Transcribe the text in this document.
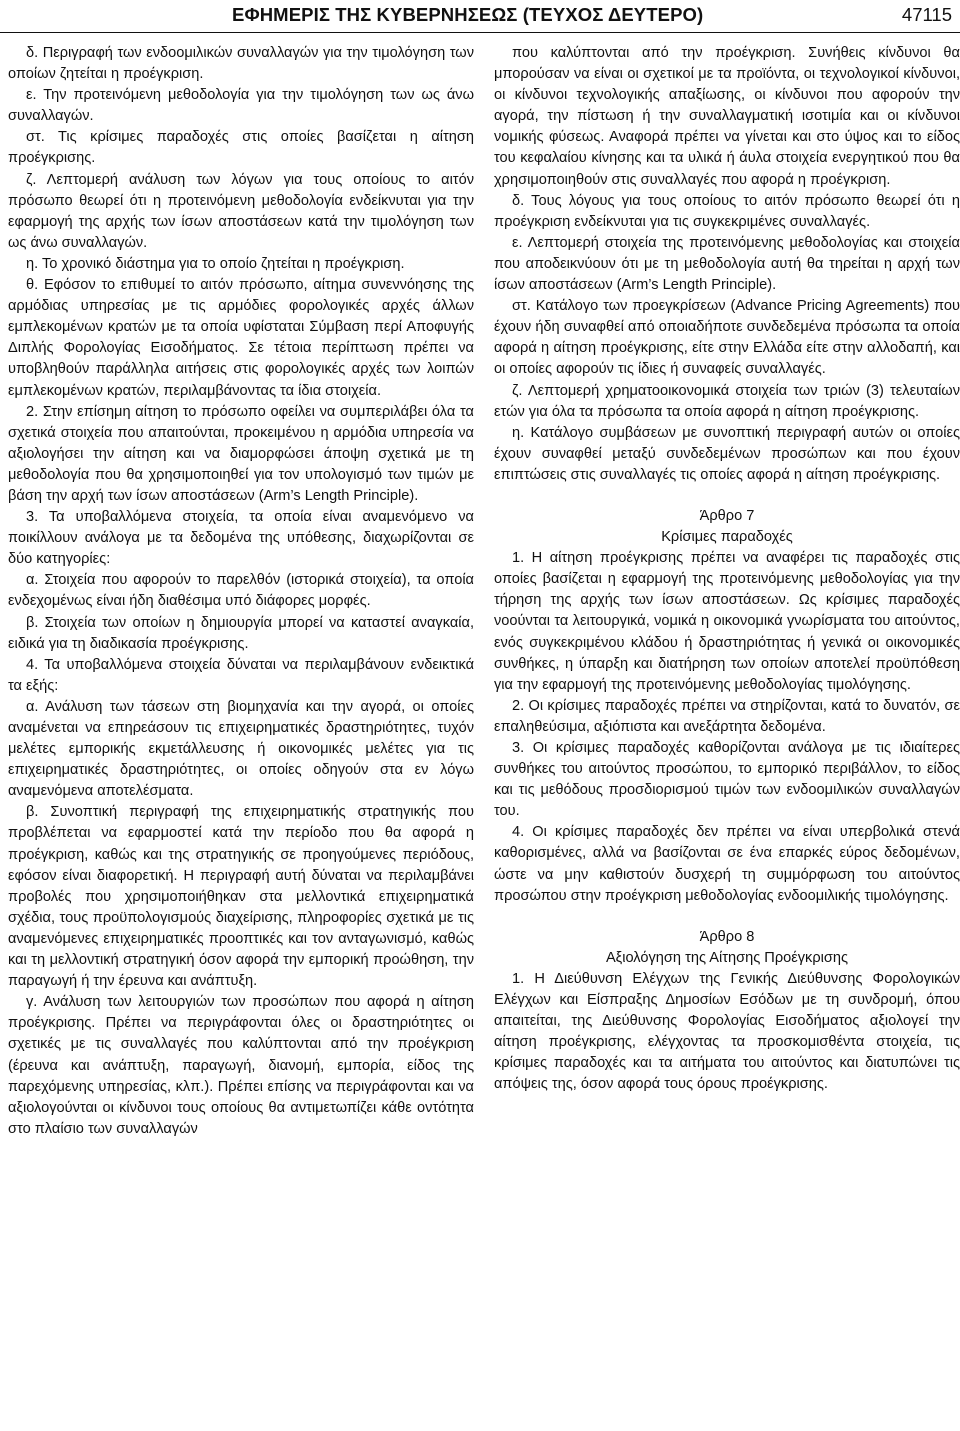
ΕΦΗΜΕΡΙΣ ΤΗΣ ΚΥΒΕΡΝΗΣΕΩΣ (ΤΕΥΧΟΣ ΔΕΥΤΕΡΟ)	47115

δ. Περιγραφή των ενδοομιλικών συναλλαγών για την τιμολόγηση των οποίων ζητείται η προέγκριση.

ε. Την προτεινόμενη μεθοδολογία για την τιμολόγηση των ως άνω συναλλαγών.

στ. Τις κρίσιμες παραδοχές στις οποίες βασίζεται η αίτηση προέγκρισης.

ζ. Λεπτομερή ανάλυση των λόγων για τους οποίους το αιτόν πρόσωπο θεωρεί ότι η προτεινόμενη μεθοδολογία ενδείκνυται για την εφαρμογή της αρχής των ίσων αποστάσεων κατά την τιμολόγηση των ως άνω συναλλαγών.

η. Το χρονικό διάστημα για το οποίο ζητείται η προέγκριση.

θ. Εφόσον το επιθυμεί το αιτόν πρόσωπο, αίτημα συνεννόησης της αρμόδιας υπηρεσίας με τις αρμόδιες φορολογικές αρχές άλλων εμπλεκομένων κρατών με τα οποία υφίσταται Σύμβαση περί Αποφυγής Διπλής Φορολογίας Εισοδήματος. Σε τέτοια περίπτωση πρέπει να υποβληθούν παράλληλα αιτήσεις στις φορολογικές αρχές των λοιπών εμπλεκομένων κρατών, περιλαμβάνοντας τα ίδια στοιχεία.

2. Στην επίσημη αίτηση το πρόσωπο οφείλει να συμπεριλάβει όλα τα σχετικά στοιχεία που απαιτούνται, προκειμένου η αρμόδια υπηρεσία να αξιολογήσει την αίτηση και να διαμορφώσει άποψη σχετικά με τη μεθοδολογία που θα χρησιμοποιηθεί για τον υπολογισμό των τιμών με βάση την αρχή των ίσων αποστάσεων (Arm’s Length Principle).

3. Τα υποβαλλόμενα στοιχεία, τα οποία είναι αναμενόμενο να ποικίλλουν ανάλογα με τα δεδομένα της υπόθεσης, διαχωρίζονται σε δύο κατηγορίες:

α. Στοιχεία που αφορούν το παρελθόν (ιστορικά στοιχεία), τα οποία ενδεχομένως είναι ήδη διαθέσιμα υπό διάφορες μορφές.

β. Στοιχεία των οποίων η δημιουργία μπορεί να καταστεί αναγκαία, ειδικά για τη διαδικασία προέγκρισης.

4. Τα υποβαλλόμενα στοιχεία δύναται να περιλαμβάνουν ενδεικτικά τα εξής:

α. Ανάλυση των τάσεων στη βιομηχανία και την αγορά, οι οποίες αναμένεται να επηρεάσουν τις επιχειρηματικές δραστηριότητες, τυχόν μελέτες εμπορικής εκμετάλλευσης ή οικονομικές μελέτες για τις επιχειρηματικές δραστηριότητες, οι οποίες οδηγούν στα εν λόγω αναμενόμενα αποτελέσματα.

β. Συνοπτική περιγραφή της επιχειρηματικής στρατηγικής που προβλέπεται να εφαρμοστεί κατά την περίοδο που θα αφορά η προέγκριση, καθώς και της στρατηγικής σε προηγούμενες περιόδους, εφόσον είναι διαφορετική. Η περιγραφή αυτή δύναται να περιλαμβάνει προβολές που χρησιμοποιήθηκαν στα μελλοντικά επιχειρηματικά σχέδια, τους προϋπολογισμούς διαχείρισης, πληροφορίες σχετικά με τις αναμενόμενες επιχειρηματικές προοπτικές και τον ανταγωνισμό, καθώς και τη μελλοντική στρατηγική όσον αφορά την εμπορική προώθηση, την παραγωγή ή την έρευνα και ανάπτυξη.

γ. Ανάλυση των λειτουργιών των προσώπων που αφορά η αίτηση προέγκρισης. Πρέπει να περιγράφονται όλες οι δραστηριότητες οι σχετικές με τις συναλλαγές που καλύπτονται από την προέγκριση (έρευνα και ανάπτυξη, παραγωγή, διανομή, εμπορία, είδος της παρεχόμενης υπηρεσίας, κλπ.). Πρέπει επίσης να περιγράφονται και να αξιολογούνται οι κίνδυνοι τους οποίους θα αντιμετωπίζει κάθε οντότητα στο πλαίσιο των συναλλαγών

που καλύπτονται από την προέγκριση. Συνήθεις κίνδυνοι θα μπορούσαν να είναι οι σχετικοί με τα προϊόντα, οι τεχνολογικοί κίνδυνοι, οι κίνδυνοι τεχνολογικής απαξίωσης, οι κίνδυνοι που αφορούν την αγορά, την πίστωση ή την συναλλαγματική ισοτιμία και οι κίνδυνοι νομικής φύσεως. Αναφορά πρέπει να γίνεται και στο ύψος και το είδος του κεφαλαίου κίνησης και τα υλικά ή άυλα στοιχεία ενεργητικού που θα χρησιμοποιηθούν στις συναλλαγές που αφορά η προέγκριση.

δ. Τους λόγους για τους οποίους το αιτόν πρόσωπο θεωρεί ότι η προέγκριση ενδείκνυται για τις συγκεκριμένες συναλλαγές.

ε. Λεπτομερή στοιχεία της προτεινόμενης μεθοδολογίας και στοιχεία που αποδεικνύουν ότι με τη μεθοδολογία αυτή θα τηρείται η αρχή των ίσων αποστάσεων (Arm’s Length Principle).

στ. Κατάλογο των προεγκρίσεων (Advance Pricing Agreements) που έχουν ήδη συναφθεί από οποιαδήποτε συνδεδεμένα πρόσωπα τα οποία αφορά η αίτηση προέγκρισης, είτε στην Ελλάδα είτε στην αλλοδαπή, και οι οποίες αφορούν τις ίδιες ή συναφείς συναλλαγές.

ζ. Λεπτομερή χρηματοοικονομικά στοιχεία των τριών (3) τελευταίων ετών για όλα τα πρόσωπα τα οποία αφορά η αίτηση προέγκρισης.

η. Κατάλογο συμβάσεων με συνοπτική περιγραφή αυτών οι οποίες έχουν συναφθεί μεταξύ συνδεδεμένων προσώπων και που έχουν επιπτώσεις στις συναλλαγές τις οποίες αφορά η αίτηση προέγκρισης.

Άρθρο 7
Κρίσιμες παραδοχές

1. Η αίτηση προέγκρισης πρέπει να αναφέρει τις παραδοχές στις οποίες βασίζεται η εφαρμογή της προτεινόμενης μεθοδολογίας για την τήρηση της αρχής των ίσων αποστάσεων. Ως κρίσιμες παραδοχές νοούνται τα λειτουργικά, νομικά η οικονομικά γνωρίσματα του αιτούντος, ενός συγκεκριμένου κλάδου ή δραστηριότητας ή γενικά οι οικονομικές συνθήκες, η ύπαρξη και διατήρηση των οποίων αποτελεί προϋπόθεση για την εφαρμογή της προτεινόμενης μεθοδολογίας τιμολόγησης.

2. Οι κρίσιμες παραδοχές πρέπει να στηρίζονται, κατά το δυνατόν, σε επαληθεύσιμα, αξιόπιστα και ανεξάρτητα δεδομένα.

3. Οι κρίσιμες παραδοχές καθορίζονται ανάλογα με τις ιδιαίτερες συνθήκες του αιτούντος προσώπου, το εμπορικό περιβάλλον, το είδος και τις μεθόδους προσδιορισμού τιμών των ενδοομιλικών συναλλαγών του.

4. Οι κρίσιμες παραδοχές δεν πρέπει να είναι υπερβολικά στενά καθορισμένες, αλλά να βασίζονται σε ένα επαρκές εύρος δεδομένων, ώστε να μην καθιστούν δυσχερή τη συμμόρφωση του αιτούντος προσώπου στην προέγκριση μεθοδολογίας ενδοομιλικής τιμολόγησης.

Άρθρο 8
Αξιολόγηση της Αίτησης Προέγκρισης

1. Η Διεύθυνση Ελέγχων της Γενικής Διεύθυνσης Φορολογικών Ελέγχων και Είσπραξης Δημοσίων Εσόδων με τη συνδρομή, όπου απαιτείται, της Διεύθυνσης Φορολογίας Εισοδήματος αξιολογεί την αίτηση προέγκρισης, ελέγχοντας τα προσκομισθέντα στοιχεία, τις κρίσιμες παραδοχές και τα αιτήματα του αιτούντος και διατυπώνει τις απόψεις της, όσον αφορά τους όρους προέγκρισης.
